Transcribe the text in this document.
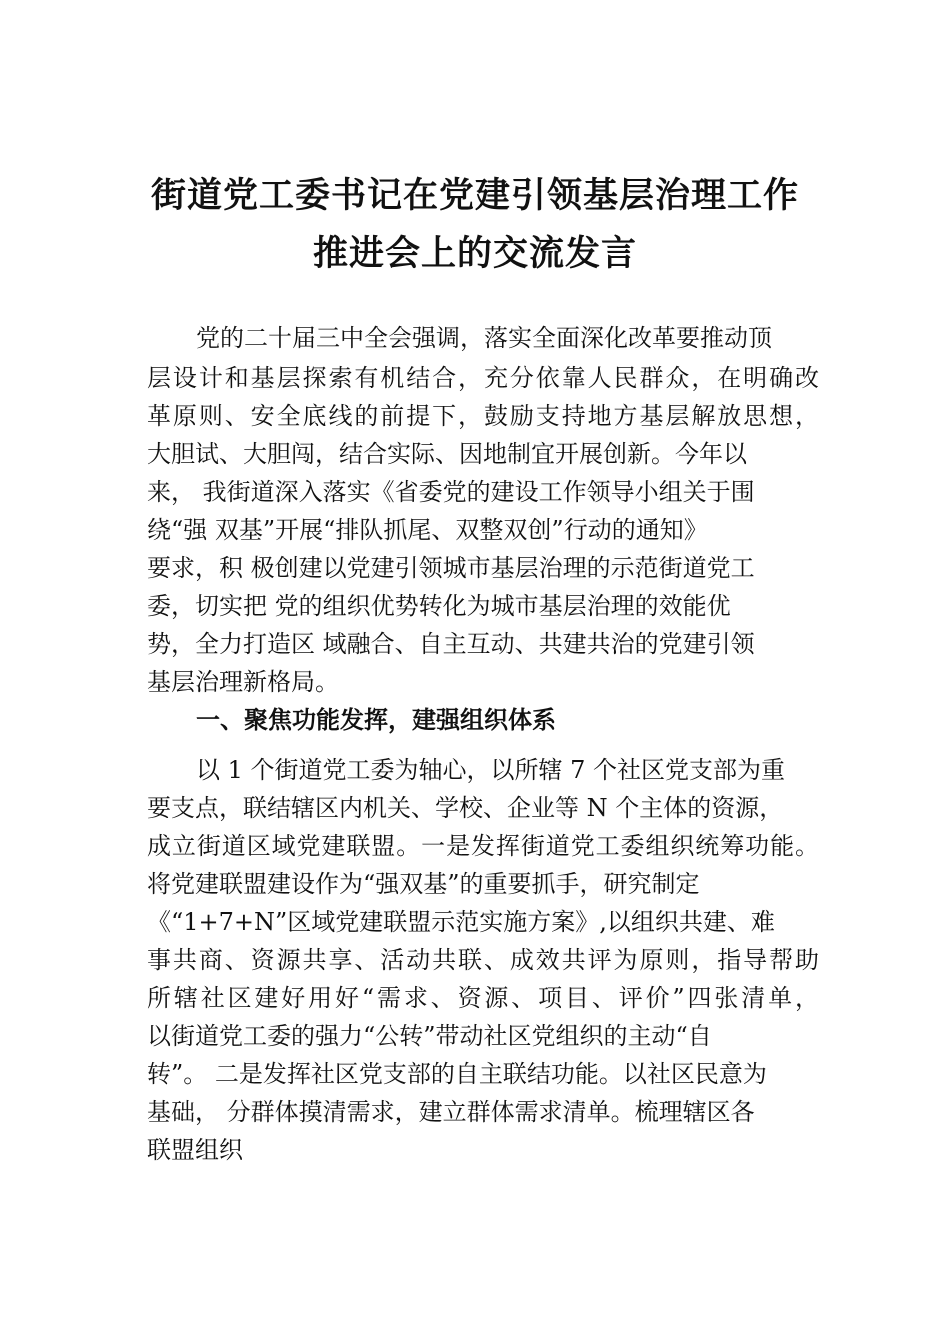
街道党工委书记在党建引领基层治理工作
推进会上的交流发言
党的二十届三中全会强调，落实全面深化改革要推动顶
层设计和基层探索有机结合，充分依靠人民群众，在明确改
革原则、安全底线的前提下，鼓励支持地方基层解放思想，
大胆试、大胆闯，结合实际、因地制宜开展创新。今年以
来， 我街道深入落实《省委党的建设工作领导小组关于围
绕“强 双基”开展“排队抓尾、双整双创”行动的通知》
要求，积 极创建以党建引领城市基层治理的示范街道党工
委，切实把 党的组织优势转化为城市基层治理的效能优
势，全力打造区 域融合、自主互动、共建共治的党建引领
基层治理新格局。
一、聚焦功能发挥，建强组织体系
以 1 个街道党工委为轴心，以所辖 7 个社区党支部为重
要支点，联结辖区内机关、学校、企业等 N 个主体的资源，
成立街道区域党建联盟。一是发挥街道党工委组织统筹功能。
将党建联盟建设作为“强双基”的重要抓手，研究制定
《“1+7+N”区域党建联盟示范实施方案》,以组织共建、难
事共商、资源共享、活动共联、成效共评为原则，指导帮助
所辖社区建好用好“需求、资源、项目、评价”四张清单，
以街道党工委的强力“公转”带动社区党组织的主动“自
转”。 二是发挥社区党支部的自主联结功能。以社区民意为
基础， 分群体摸清需求，建立群体需求清单。梳理辖区各
联盟组织
